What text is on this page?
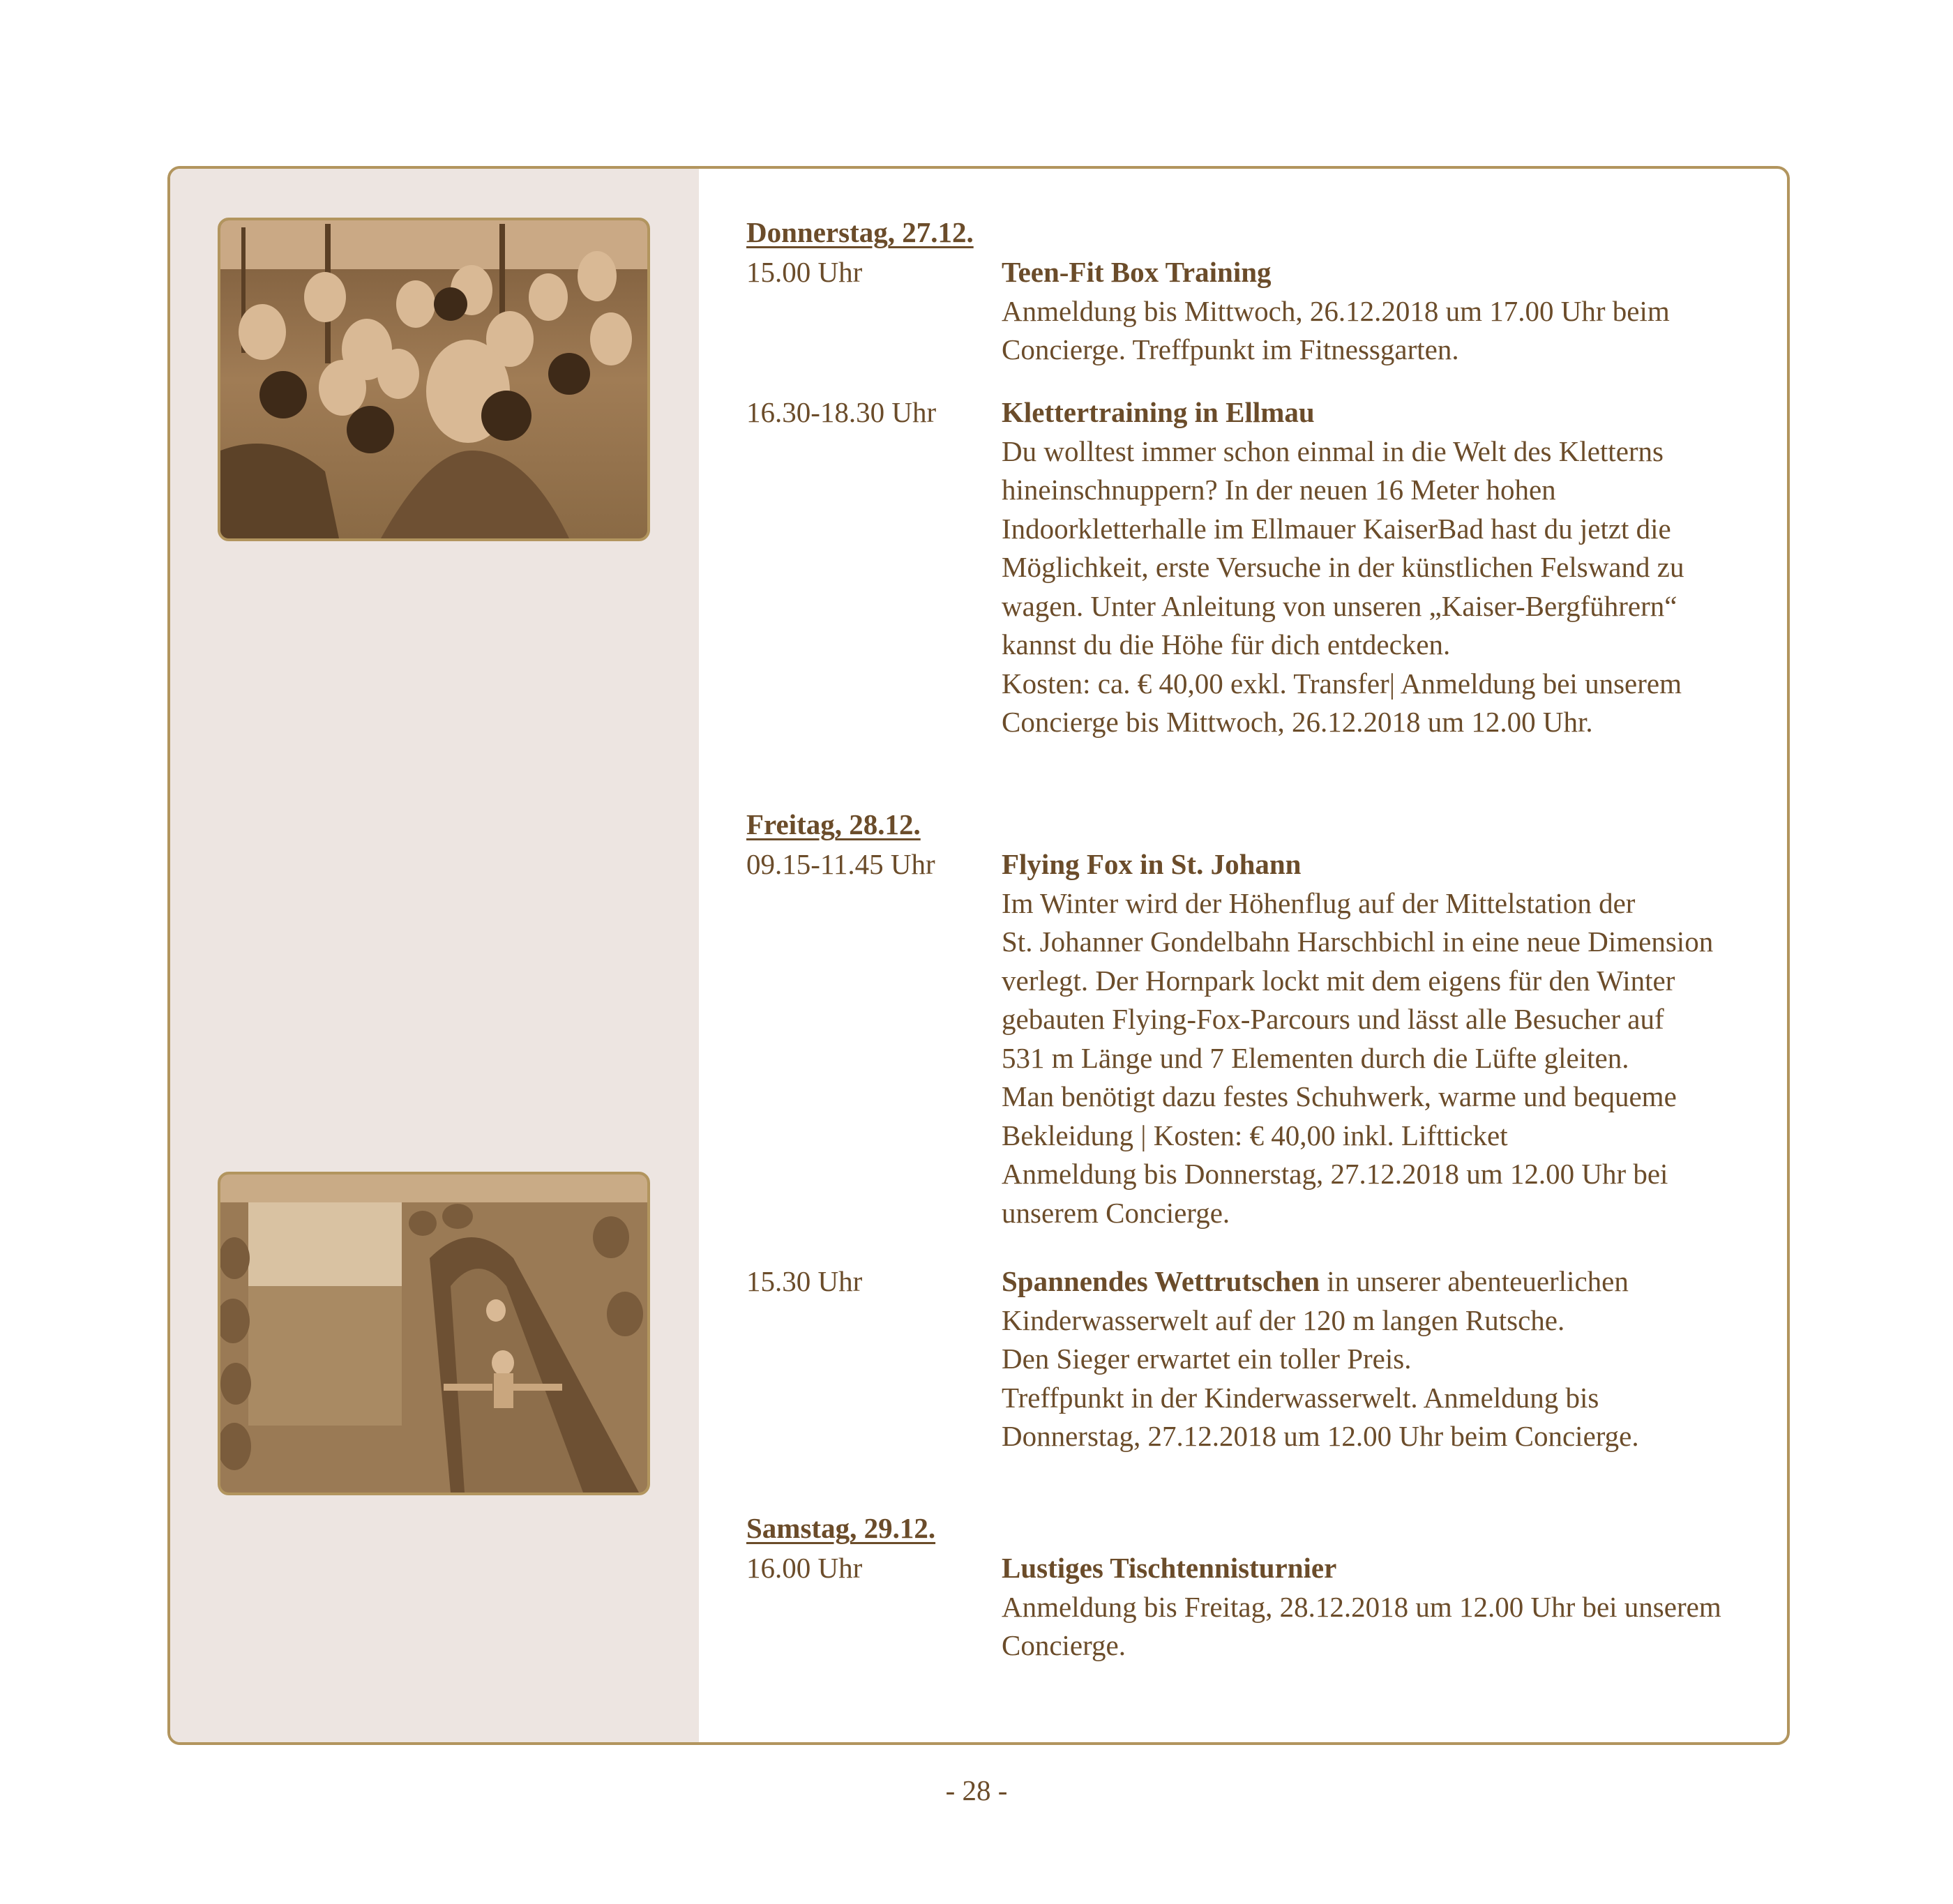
Donnerstag, 27.12.
15.00 Uhr	Teen-Fit Box Training
Anmeldung bis Mittwoch, 26.12.2018 um 17.00 Uhr beim
Concierge. Treffpunkt im Fitnessgarten.
16.30-18.30 Uhr	Klettertraining in Ellmau
Du wolltest immer schon einmal in die Welt des Kletterns
hineinschnuppern? In der neuen 16 Meter hohen
Indoorkletterhalle im Ellmauer KaiserBad hast du jetzt die
Möglichkeit, erste Versuche in der künstlichen Felswand zu
wagen. Unter Anleitung von unseren „Kaiser-Bergführern“
kannst du die Höhe für dich entdecken.
Kosten: ca. € 40,00 exkl. Transfer| Anmeldung bei unserem
Concierge bis Mittwoch, 26.12.2018 um 12.00 Uhr.
Freitag, 28.12.
09.15-11.45 Uhr	Flying Fox in St. Johann
Im Winter wird der Höhenflug auf der Mittelstation der
St. Johanner Gondelbahn Harschbichl in eine neue Dimension
verlegt. Der Hornpark lockt mit dem eigens für den Winter
gebauten Flying-Fox-Parcours und lässt alle Besucher auf
531 m Länge und 7 Elementen durch die Lüfte gleiten.
Man benötigt dazu festes Schuhwerk, warme und bequeme
Bekleidung | Kosten: € 40,00 inkl. Liftticket
Anmeldung bis Donnerstag, 27.12.2018 um 12.00 Uhr bei
unserem Concierge.
15.30 Uhr	Spannendes Wettrutschen in unserer abenteuerlichen
Kinderwasserwelt auf der 120 m langen Rutsche.
Den Sieger erwartet ein toller Preis.
Treffpunkt in der Kinderwasserwelt. Anmeldung bis
Donnerstag, 27.12.2018 um 12.00 Uhr beim Concierge.
Samstag, 29.12.
16.00 Uhr	Lustiges Tischtennisturnier
Anmeldung bis Freitag, 28.12.2018 um 12.00 Uhr bei unserem
Concierge.
- 28 -
